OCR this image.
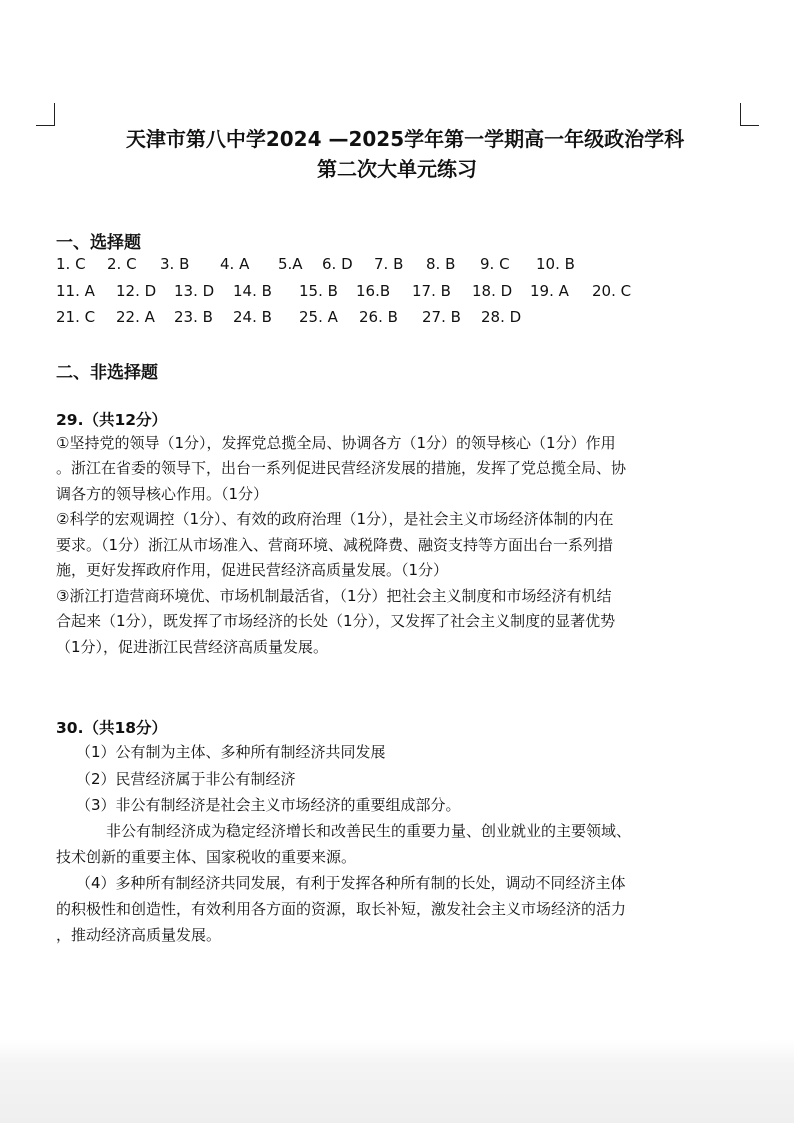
天津市第八中学2024 —2025学年第一学期高一年级政治学科
第二次大单元练习
一、选择题
1. C 2. C 3. B 4. A 5.A 6. D 7. B 8. B 9. C 10. B
11. A 12. D 13. D 14. B 15. B 16.B 17. B 18. D 19. A 20. C
21. C 22. A 23. B 24. B 25. A 26. B 27. B 28. D
二、非选择题
29.（共12分）
①坚持党的领导（1分），发挥党总揽全局、协调各方（1分）的领导核心（1分）作用
。浙江在省委的领导下，出台一系列促进民营经济发展的措施，发挥了党总揽全局、协
调各方的领导核心作用。（1分）
②科学的宏观调控（1分）、有效的政府治理（1分），是社会主义市场经济体制的内在
要求。（1分）浙江从市场准入、营商环境、减税降费、融资支持等方面出台一系列措
施，更好发挥政府作用，促进民营经济高质量发展。（1分）
③浙江打造营商环境优、市场机制最活省，（1分）把社会主义制度和市场经济有机结
合起来（1分），既发挥了市场经济的长处（1分），又发挥了社会主义制度的显著优势
（1分），促进浙江民营经济高质量发展。
30.（共18分）
（1）公有制为主体、多种所有制经济共同发展
（2）民营经济属于非公有制经济
（3）非公有制经济是社会主义市场经济的重要组成部分。
非公有制经济成为稳定经济增长和改善民生的重要力量、创业就业的主要领域、
技术创新的重要主体、国家税收的重要来源。
（4）多种所有制经济共同发展，有利于发挥各种所有制的长处，调动不同经济主体
的积极性和创造性，有效利用各方面的资源，取长补短，激发社会主义市场经济的活力
，推动经济高质量发展。
